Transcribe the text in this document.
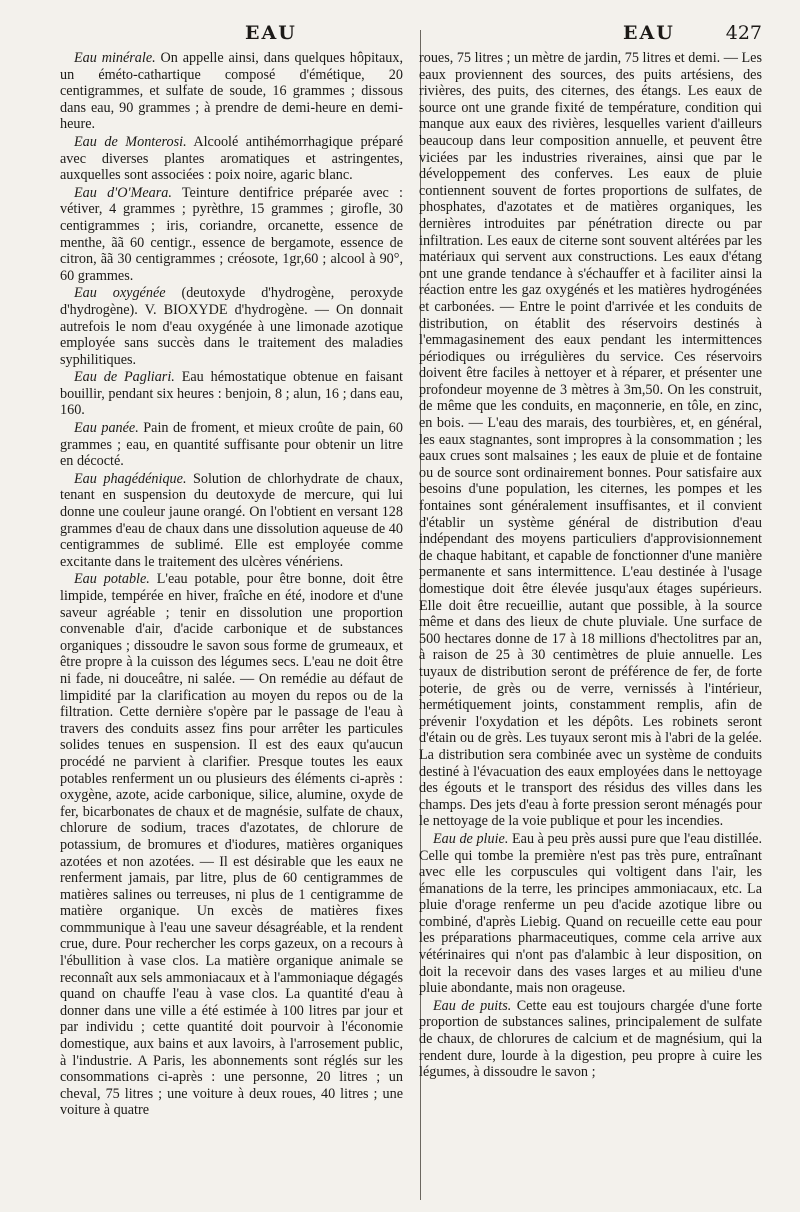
EAU	EAU	427

Eau minérale. On appelle ainsi, dans quelques hôpitaux, un éméto-cathartique composé d'émétique, 20 centigrammes, et sulfate de soude, 16 grammes ; dissous dans eau, 90 grammes ; à prendre de demi-heure en demi-heure.

Eau de Monterosi. Alcoolé antihémorrhagique préparé avec diverses plantes aromatiques et astringentes, auxquelles sont associées : poix noire, agaric blanc.

Eau d'O'Meara. Teinture dentifrice préparée avec : vétiver, 4 grammes ; pyrèthre, 15 grammes ; girofle, 30 centigrammes ; iris, coriandre, orcanette, essence de menthe, ãã 60 centigr., essence de bergamote, essence de citron, ãã 30 centigrammes ; créosote, 1gr,60 ; alcool à 90°, 60 grammes.

Eau oxygénée (deutoxyde d'hydrogène, peroxyde d'hydrogène). V. BIOXYDE d'hydrogène. — On donnait autrefois le nom d'eau oxygénée à une limonade azotique employée sans succès dans le traitement des maladies syphilitiques.

Eau de Pagliari. Eau hémostatique obtenue en faisant bouillir, pendant six heures : benjoin, 8 ; alun, 16 ; dans eau, 160.

Eau panée. Pain de froment, et mieux croûte de pain, 60 grammes ; eau, en quantité suffisante pour obtenir un litre en décocté.

Eau phagédénique. Solution de chlorhydrate de chaux, tenant en suspension du deutoxyde de mercure, qui lui donne une couleur jaune orangé. On l'obtient en versant 128 grammes d'eau de chaux dans une dissolution aqueuse de 40 centigrammes de sublimé. Elle est employée comme excitante dans le traitement des ulcères vénériens.

Eau potable. L'eau potable, pour être bonne, doit être limpide, tempérée en hiver, fraîche en été, inodore et d'une saveur agréable ; tenir en dissolution une proportion convenable d'air, d'acide carbonique et de substances organiques ; dissoudre le savon sous forme de grumeaux, et être propre à la cuisson des légumes secs. L'eau ne doit être ni fade, ni douceâtre, ni salée. — On remédie au défaut de limpidité par la clarification au moyen du repos ou de la filtration. Cette dernière s'opère par le passage de l'eau à travers des conduits assez fins pour arrêter les particules solides tenues en suspension. Il est des eaux qu'aucun procédé ne parvient à clarifier. Presque toutes les eaux potables renferment un ou plusieurs des éléments ci-après : oxygène, azote, acide carbonique, silice, alumine, oxyde de fer, bicarbonates de chaux et de magnésie, sulfate de chaux, chlorure de sodium, traces d'azotates, de chlorure de potassium, de bromures et d'iodures, matières organiques azotées et non azotées. — Il est désirable que les eaux ne renferment jamais, par litre, plus de 60 centigrammes de matières salines ou terreuses, ni plus de 1 centigramme de matière organique. Un excès de matières fixes commmunique à l'eau une saveur désagréable, et la rendent crue, dure. Pour rechercher les corps gazeux, on a recours à l'ébullition à vase clos. La matière organique animale se reconnaît aux sels ammoniacaux et à l'ammoniaque dégagés quand on chauffe l'eau à vase clos. La quantité d'eau à donner dans une ville a été estimée à 100 litres par jour et par individu ; cette quantité doit pourvoir à l'économie domestique, aux bains et aux lavoirs, à l'arrosement public, à l'industrie. A Paris, les abonnements sont réglés sur les consommations ci-après : une personne, 20 litres ; un cheval, 75 litres ; une voiture à deux roues, 40 litres ; une voiture à quatre

roues, 75 litres ; un mètre de jardin, 75 litres et demi. — Les eaux proviennent des sources, des puits artésiens, des rivières, des puits, des citernes, des étangs. Les eaux de source ont une grande fixité de température, condition qui manque aux eaux des rivières, lesquelles varient d'ailleurs beaucoup dans leur composition annuelle, et peuvent être viciées par les industries riveraines, ainsi que par le développement des conferves. Les eaux de pluie contiennent souvent de fortes proportions de sulfates, de phosphates, d'azotates et de matières organiques, les dernières introduites par pénétration directe ou par infiltration. Les eaux de citerne sont souvent altérées par les matériaux qui servent aux constructions. Les eaux d'étang ont une grande tendance à s'échauffer et à faciliter ainsi la réaction entre les gaz oxygénés et les matières hydrogénées et carbonées. — Entre le point d'arrivée et les conduits de distribution, on établit des réservoirs destinés à l'emmagasinement des eaux pendant les intermittences périodiques ou irrégulières du service. Ces réservoirs doivent être faciles à nettoyer et à réparer, et présenter une profondeur moyenne de 3 mètres à 3m,50. On les construit, de même que les conduits, en maçonnerie, en tôle, en zinc, en bois. — L'eau des marais, des tourbières, et, en général, les eaux stagnantes, sont impropres à la consommation ; les eaux crues sont malsaines ; les eaux de pluie et de fontaine ou de source sont ordinairement bonnes. Pour satisfaire aux besoins d'une population, les citernes, les pompes et les fontaines sont généralement insuffisantes, et il convient d'établir un système général de distribution d'eau indépendant des moyens particuliers d'approvisionnement de chaque habitant, et capable de fonctionner d'une manière permanente et sans intermittence. L'eau destinée à l'usage domestique doit être élevée jusqu'aux étages supérieurs. Elle doit être recueillie, autant que possible, à la source même et dans des lieux de chute pluviale. Une surface de 500 hectares donne de 17 à 18 millions d'hectolitres par an, à raison de 25 à 30 centimètres de pluie annuelle. Les tuyaux de distribution seront de préférence de fer, de forte poterie, de grès ou de verre, vernissés à l'intérieur, hermétiquement joints, constamment remplis, afin de prévenir l'oxydation et les dépôts. Les robinets seront d'étain ou de grès. Les tuyaux seront mis à l'abri de la gelée. La distribution sera combinée avec un système de conduits destiné à l'évacuation des eaux employées dans le nettoyage des égouts et le transport des résidus des villes dans les champs. Des jets d'eau à forte pression seront ménagés pour le nettoyage de la voie publique et pour les incendies.

Eau de pluie. Eau à peu près aussi pure que l'eau distillée. Celle qui tombe la première n'est pas très pure, entraînant avec elle les corpuscules qui voltigent dans l'air, les émanations de la terre, les principes ammoniacaux, etc. La pluie d'orage renferme un peu d'acide azotique libre ou combiné, d'après Liebig. Quand on recueille cette eau pour les préparations pharmaceutiques, comme cela arrive aux vétérinaires qui n'ont pas d'alambic à leur disposition, on doit la recevoir dans des vases larges et au milieu d'une pluie abondante, mais non orageuse.

Eau de puits. Cette eau est toujours chargée d'une forte proportion de substances salines, principalement de sulfate de chaux, de chlorures de calcium et de magnésium, qui la rendent dure, lourde à la digestion, peu propre à cuire les légumes, à dissoudre le savon ;
